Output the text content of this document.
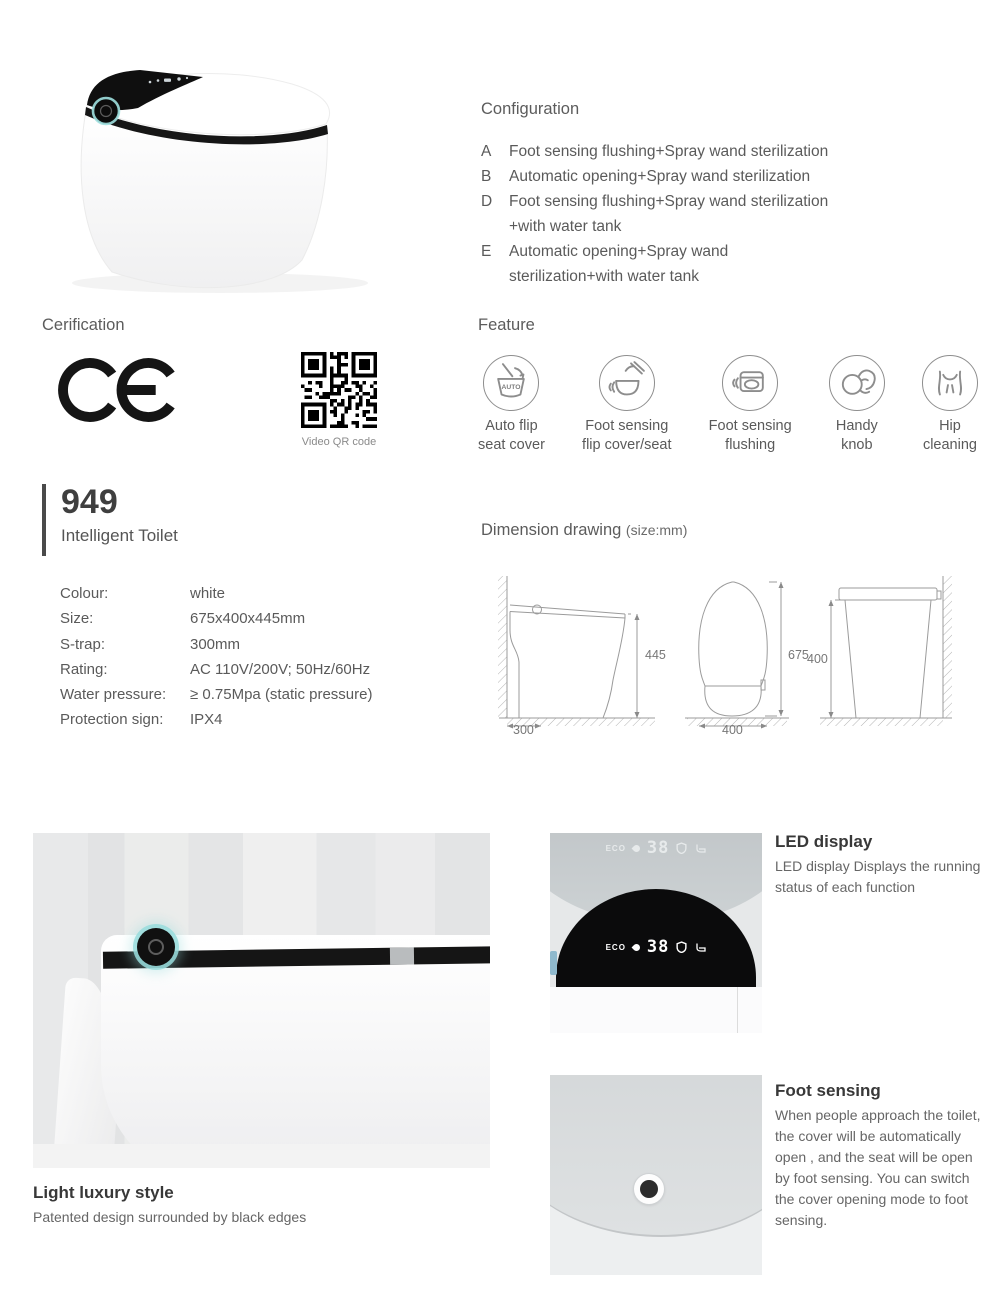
Configuration
A	Foot sensing flushing+Spray wand sterilization
B	Automatic opening+Spray wand sterilization
D	Foot sensing flushing+Spray wand sterilization
+with water tank
E	Automatic opening+Spray wand
sterilization+with water tank
Cerification
Video QR code
Feature
AUTO
Auto flip
seat cover
Foot sensing
flip cover/seat
Foot sensing
flushing
Handy
knob
Hip
cleaning
949
Intelligent Toilet
Colour:	white
Size:	675x400x445mm
S-trap:	300mm
Rating:	AC 110V/200V; 50Hz/60Hz
Water pressure:	≥ 0.75Mpa (static pressure)
Protection sign:	IPX4
Dimension drawing (size:mm)
445
300
675
400
400
Light luxury style
Patented design surrounded by black edges
ECO 38
ECO 38
LED display
LED display Displays the running status of each function
Foot sensing
When people approach the toilet, the cover will be automatically open , and the seat will be open by foot sensing. You can switch the cover opening mode to foot sensing.
